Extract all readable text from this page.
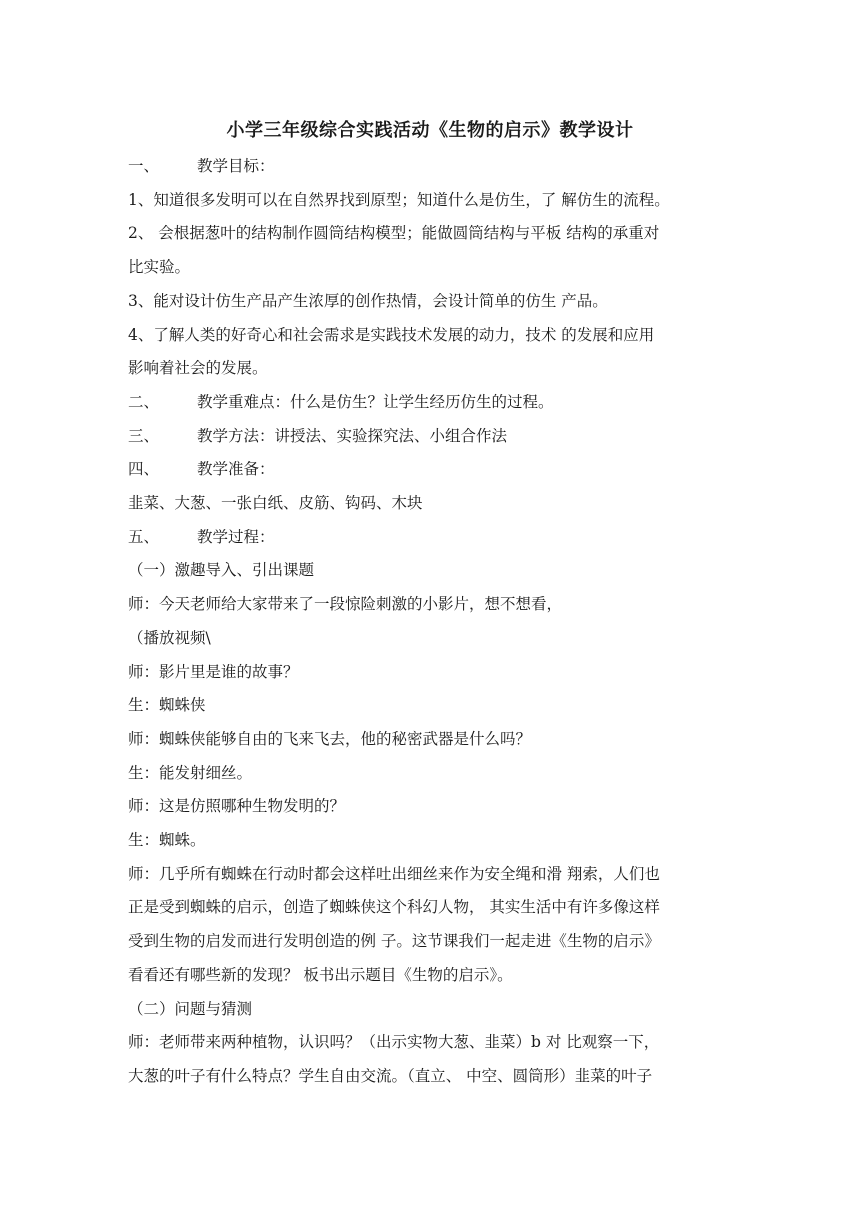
小学三年级综合实践活动《生物的启示》教学设计

一、 教学目标：

1、知道很多发明可以在自然界找到原型；知道什么是仿生，了 解仿生的流程。

2、 会根据葱叶的结构制作圆筒结构模型；能做圆筒结构与平板 结构的承重对

比实验。

3、能对设计仿生产品产生浓厚的创作热情，会设计简单的仿生 产品。

4、了解人类的好奇心和社会需求是实践技术发展的动力，技术 的发展和应用

影响着社会的发展。

二、 教学重难点：什么是仿生？让学生经历仿生的过程。

三、 教学方法：讲授法、实验探究法、小组合作法

四、 教学准备：

韭菜、大葱、一张白纸、皮筋、钩码、木块

五、 教学过程：

（一）激趣导入、引出课题

师：今天老师给大家带来了一段惊险刺激的小影片，想不想看，

（播放视频\

师：影片里是谁的故事？

生：蜘蛛侠

师：蜘蛛侠能够自由的飞来飞去，他的秘密武器是什么吗？

生：能发射细丝。

师：这是仿照哪种生物发明的？

生：蜘蛛。

师：几乎所有蜘蛛在行动时都会这样吐出细丝来作为安全绳和滑 翔索，人们也

正是受到蜘蛛的启示，创造了蜘蛛侠这个科幻人物， 其实生活中有许多像这样

受到生物的启发而进行发明创造的例 子。这节课我们一起走进《生物的启示》

看看还有哪些新的发现？ 板书出示题目《生物的启示》。

（二）问题与猜测

师：老师带来两种植物，认识吗？（出示实物大葱、韭菜）b 对 比观察一下，

大葱的叶子有什么特点？学生自由交流。（直立、 中空、圆筒形）韭菜的叶子
